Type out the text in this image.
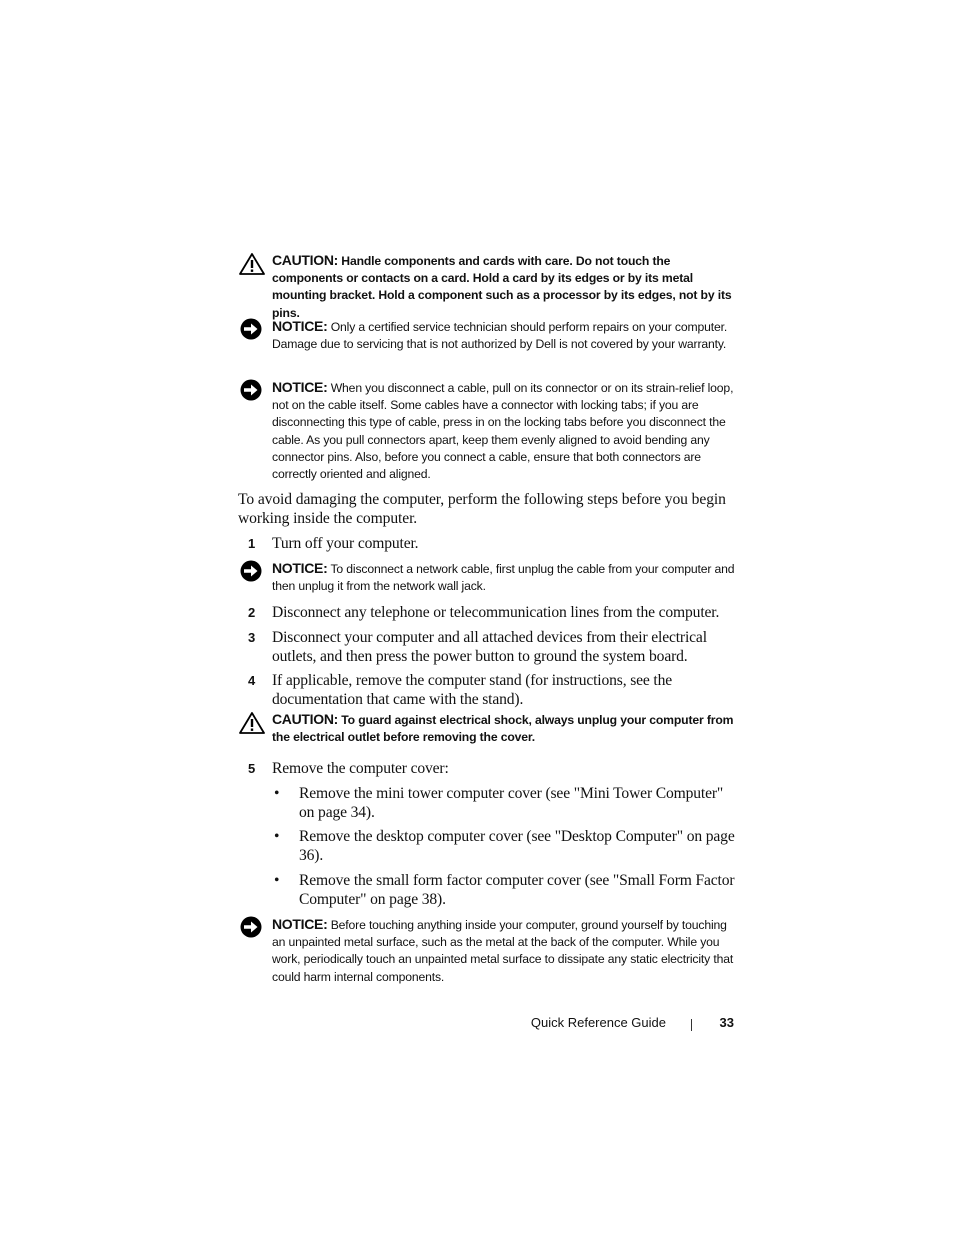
CAUTION: Handle components and cards with care. Do not touch the components or contacts on a card. Hold a card by its edges or by its metal mounting bracket. Hold a component such as a processor by its edges, not by its pins.
NOTICE: Only a certified service technician should perform repairs on your computer. Damage due to servicing that is not authorized by Dell is not covered by your warranty.
NOTICE: When you disconnect a cable, pull on its connector or on its strain-relief loop, not on the cable itself. Some cables have a connector with locking tabs; if you are disconnecting this type of cable, press in on the locking tabs before you disconnect the cable. As you pull connectors apart, keep them evenly aligned to avoid bending any connector pins. Also, before you connect a cable, ensure that both connectors are correctly oriented and aligned.
To avoid damaging the computer, perform the following steps before you begin working inside the computer.
1 Turn off your computer.
NOTICE: To disconnect a network cable, first unplug the cable from your computer and then unplug it from the network wall jack.
2 Disconnect any telephone or telecommunication lines from the computer.
3 Disconnect your computer and all attached devices from their electrical outlets, and then press the power button to ground the system board.
4 If applicable, remove the computer stand (for instructions, see the documentation that came with the stand).
CAUTION: To guard against electrical shock, always unplug your computer from the electrical outlet before removing the cover.
5 Remove the computer cover:
• Remove the mini tower computer cover (see "Mini Tower Computer" on page 34).
• Remove the desktop computer cover (see "Desktop Computer" on page 36).
• Remove the small form factor computer cover (see "Small Form Factor Computer" on page 38).
NOTICE: Before touching anything inside your computer, ground yourself by touching an unpainted metal surface, such as the metal at the back of the computer. While you work, periodically touch an unpainted metal surface to dissipate any static electricity that could harm internal components.
Quick Reference Guide	33
